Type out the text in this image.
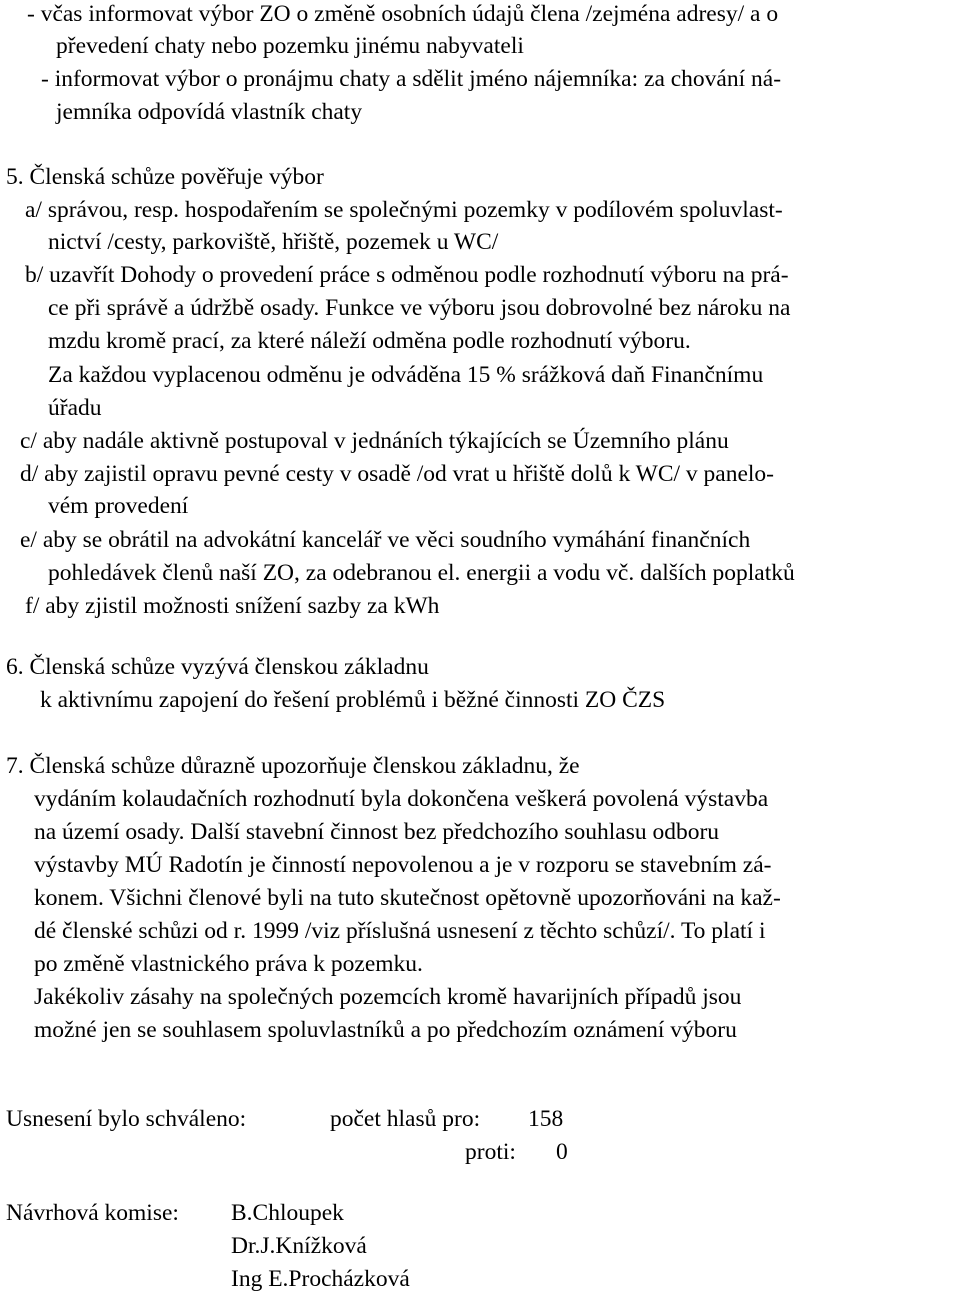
- včas informovat výbor ZO o změně osobních údajů člena /zejména adresy/ a o
převedení chaty nebo pozemku jinému nabyvateli
- informovat výbor o pronájmu chaty a sdělit jméno nájemníka: za chování ná-
jemníka odpovídá vlastník chaty
5. Členská schůze pověřuje výbor
a/ správou, resp. hospodařením se společnými pozemky v podílovém spoluvlast-
nictví /cesty, parkoviště, hřiště, pozemek u WC/
b/ uzavřít Dohody o provedení práce s odměnou podle rozhodnutí výboru na prá-
ce při správě a údržbě osady. Funkce ve výboru jsou dobrovolné bez nároku na
mzdu kromě prací, za které náleží odměna podle rozhodnutí výboru.
Za každou vyplacenou odměnu je odváděna 15 % srážková daň Finančnímu
úřadu
c/ aby nadále aktivně postupoval v jednáních týkajících se Územního plánu
d/ aby zajistil opravu pevné cesty v osadě /od vrat u hřiště dolů k WC/ v panelo-
vém provedení
e/ aby se obrátil na advokátní kancelář ve věci soudního vymáhání finančních
pohledávek členů naší ZO, za odebranou el. energii a vodu vč. dalších poplatků
f/ aby zjistil možnosti snížení sazby za kWh
6. Členská schůze vyzývá členskou základnu
k aktivnímu zapojení do řešení problémů i běžné činnosti ZO ČZS
7. Členská schůze důrazně upozorňuje členskou základnu, že
vydáním kolaudačních rozhodnutí byla dokončena veškerá povolená výstavba
na území osady. Další stavební činnost bez předchozího souhlasu odboru
výstavby MÚ Radotín je činností nepovolenou a je v rozporu se stavebním zá-
konem. Všichni členové byli na tuto skutečnost opětovně upozorňováni na kaž-
dé členské schůzi od r. 1999 /viz příslušná usnesení z těchto schůzí/. To platí i
po změně vlastnického práva k pozemku.
Jakékoliv zásahy na společných pozemcích kromě havarijních případů jsou
možné jen se souhlasem spoluvlastníků a po předchozím oznámení výboru
Usnesení bylo schváleno:	počet hlasů pro: 158
proti: 0
Návrhová komise: B.Chloupek
Dr.J.Knížková
Ing E.Procházková
